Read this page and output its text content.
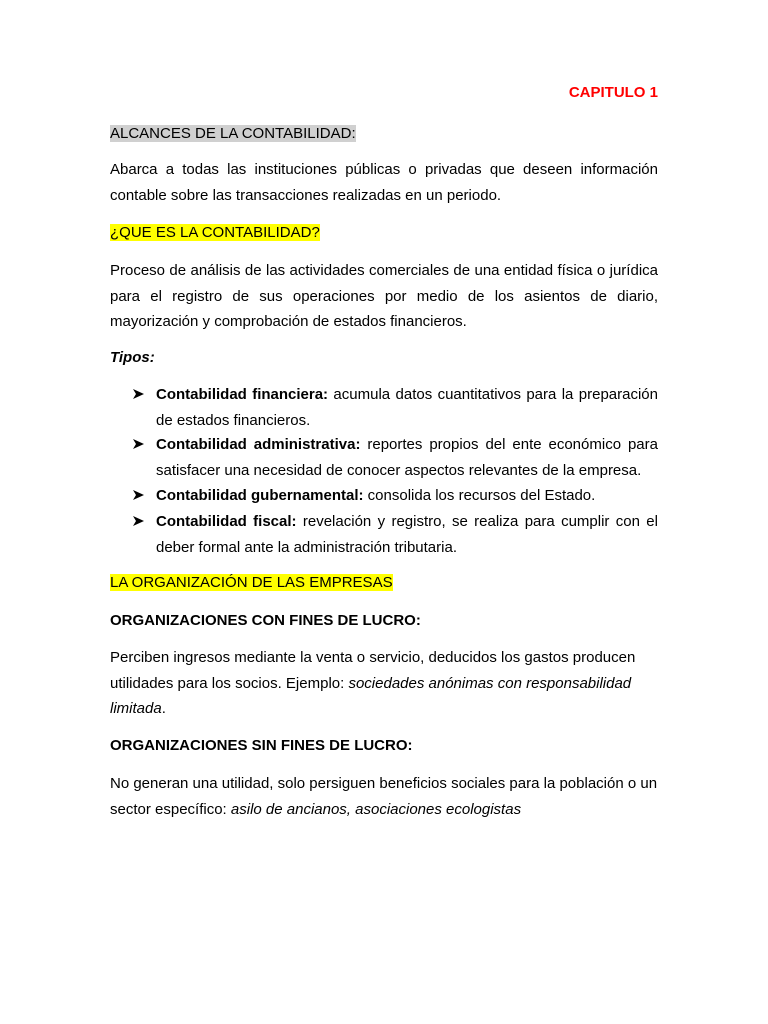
CAPITULO 1
ALCANCES DE LA CONTABILIDAD:
Abarca a todas las instituciones públicas o privadas que deseen información contable sobre las transacciones realizadas en un periodo.
¿QUE ES LA CONTABILIDAD?
Proceso de análisis de las actividades comerciales de una entidad física o jurídica para el registro de sus operaciones por medio de los asientos de diario, mayorización y comprobación de estados financieros.
Tipos:
Contabilidad financiera: acumula datos cuantitativos para la preparación de estados financieros.
Contabilidad administrativa: reportes propios del ente económico para satisfacer una necesidad de conocer aspectos relevantes de la empresa.
Contabilidad gubernamental: consolida los recursos del Estado.
Contabilidad fiscal: revelación y registro, se realiza para cumplir con el deber formal ante la administración tributaria.
LA ORGANIZACIÓN DE LAS EMPRESAS
ORGANIZACIONES CON FINES DE LUCRO:
Perciben ingresos mediante la venta o servicio, deducidos los gastos producen utilidades para los socios. Ejemplo: sociedades anónimas con responsabilidad limitada.
ORGANIZACIONES SIN FINES DE LUCRO:
No generan una utilidad, solo persiguen beneficios sociales para la población o un sector específico: asilo de ancianos, asociaciones ecologistas
